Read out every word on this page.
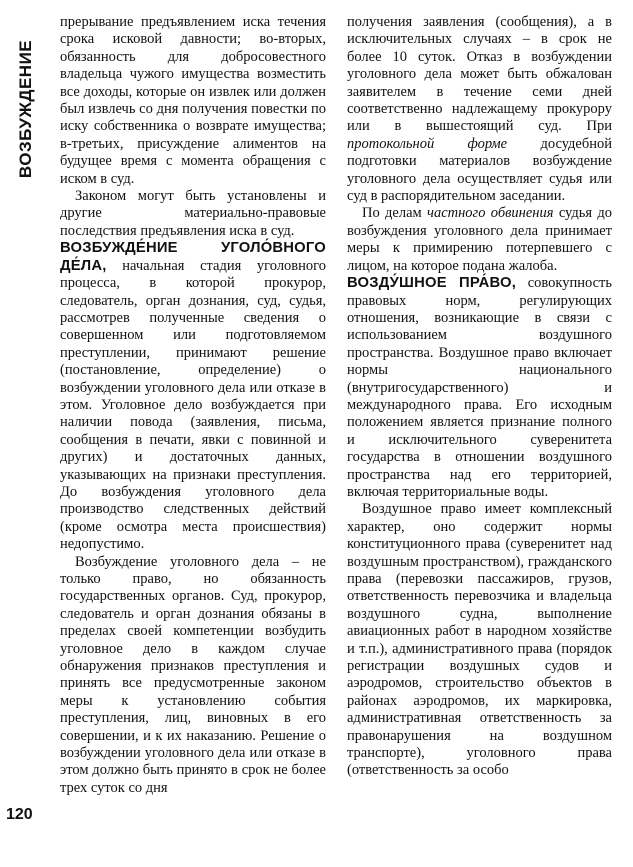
ВОЗБУЖДЕНИЕ

прерывание предъявлением иска течения срока исковой давности; во-вторых, обязанность для добросовестного владельца чужого имущества возместить все доходы, которые он извлек или должен был извлечь со дня получения повестки по иску собственника о возврате имущества; в-третьих, присуждение алиментов на будущее время с момента обращения с иском в суд.

Законом могут быть установлены и другие материально-правовые последствия предъявления иска в суд.

ВОЗБУЖДЕ́НИЕ УГОЛО́ВНОГО ДЕ́ЛА, начальная стадия уголовного процесса, в которой прокурор, следователь, орган дознания, суд, судья, рассмотрев полученные сведения о совершенном или подготовляемом преступлении, принимают решение (постановление, определение) о возбуждении уголовного дела или отказе в этом. Уголовное дело возбуждается при наличии повода (заявления, письма, сообщения в печати, явки с повинной и других) и достаточных данных, указывающих на признаки преступления. До возбуждения уголовного дела производство следственных действий (кроме осмотра места происшествия) недопустимо.

Возбуждение уголовного дела – не только право, но обязанность государственных органов. Суд, прокурор, следователь и орган дознания обязаны в пределах своей компетенции возбудить уголовное дело в каждом случае обнаружения признаков преступления и принять все предусмотренные законом меры к установлению события преступления, лиц, виновных в его совершении, и к их наказанию. Решение о возбуждении уголовного дела или отказе в этом должно быть принято в срок не более трех суток со дня

получения заявления (сообщения), а в исключительных случаях – в срок не более 10 суток. Отказ в возбуждении уголовного дела может быть обжалован заявителем в течение семи дней соответственно надлежащему прокурору или в вышестоящий суд. При протокольной форме досудебной подготовки материалов возбуждение уголовного дела осуществляет судья или суд в распорядительном заседании.

По делам частного обвинения судья до возбуждения уголовного дела принимает меры к примирению потерпевшего с лицом, на которое подана жалоба.

ВОЗДУ́ШНОЕ ПРА́ВО, совокупность правовых норм, регулирующих отношения, возникающие в связи с использованием воздушного пространства. Воздушное право включает нормы национального (внутригосударственного) и международного права. Его исходным положением является признание полного и исключительного суверенитета государства в отношении воздушного пространства над его территорией, включая территориальные воды.

Воздушное право имеет комплексный характер, оно содержит нормы конституционного права (суверенитет над воздушным пространством), гражданского права (перевозки пассажиров, грузов, ответственность перевозчика и владельца воздушного судна, выполнение авиационных работ в народном хозяйстве и т.п.), административного права (порядок регистрации воздушных судов и аэродромов, строительство объектов в районах аэродромов, их маркировка, административная ответственность за правонарушения на воздушном транспорте), уголовного права (ответственность за особо

120
